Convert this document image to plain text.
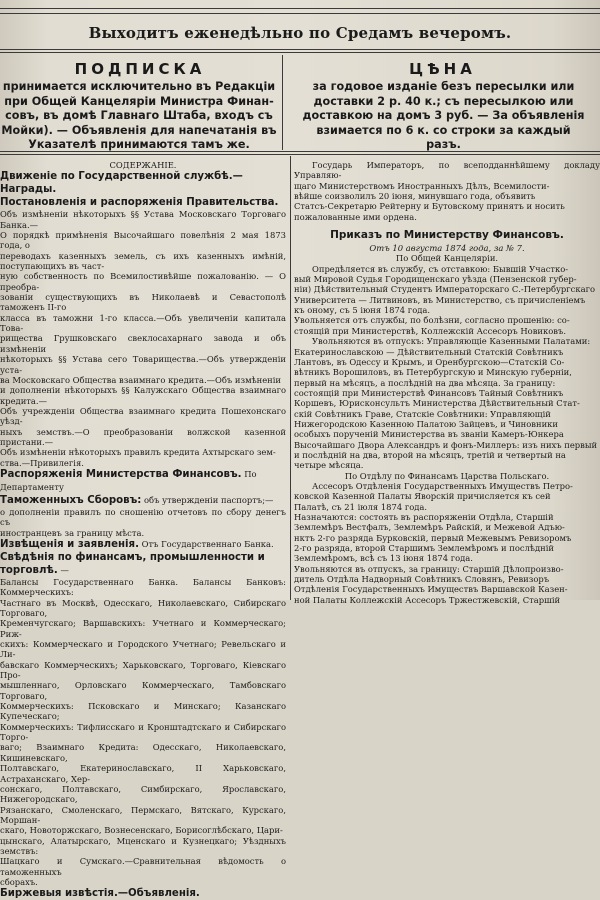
Выходитъ еженедѣльно по Средамъ вечеромъ.
ПОДПИСКА
принимается исключительно въ Редакціи
при Общей Канцеляріи Министра Финан-
совъ, въ домѣ Главнаго Штаба, входъ съ
Мойки). — Объявленія для напечатанія въ
Указателѣ принимаются тамъ же.
ЦѢНА
за годовое изданіе безъ пересылки или
доставки 2 р. 40 к.; съ пересылкою или
доставкою на домъ 3 руб. — За объявленія
взимается по 6 к. со строки за каждый
разъ.

СОДЕРЖАНІЕ.

Движеніе по Государственной службѣ.—Награды.

Постановленія и распоряженія Правительства.

Объ измѣненіи нѣкоторыхъ §§ Устава Московскаго Торговаго Банка.—

О порядкѣ примѣненія Высочайшаго повелѣнія 2 мая 1873 года, о

переводахъ казенныхъ земель, съ ихъ казенныхъ имѣній, поступающихъ въ част-

ную собственность по Всемилостивѣйше пожалованію. — О преобра-

зованіи существующихъ въ Николаевѣ и Севастополѣ таможенъ II-го

класса въ таможни 1-го класса.—Объ увеличеніи капитала Това-

рищества Грушковскаго свеклосахарнаго завода и объ измѣненіи

нѣкоторыхъ §§ Устава сего Товарищества.—Объ утвержденіи уста-

ва Московскаго Общества взаимнаго кредита.—Объ измѣненіи

и дополненіи нѣкоторыхъ §§ Калужскаго Общества взаимнаго кредита.—

Объ учрежденіи Общества взаимнаго кредита Пошехонскаго уѣзд-

ныхъ земствъ.—О преобразованіи волжской казенной пристани.—

Объ измѣненіи нѣкоторыхъ правилъ кредита Ахтырскаго зем-

ства.—Привилегія.

Распоряженія Министерства Финансовъ. По Департаменту

Таможенныхъ Сборовъ: объ утвержденіи паспортъ;—

о дополненіи правилъ по сношенію отчетовъ по сбору денегъ съ

иностранцевъ за границу мѣста.

Извѣщенія и заявленія. Отъ Государственнаго Банка.

Свѣдѣнія по финансамъ, промышленности и торговлѣ. —

Балансы Государственнаго Банка. Балансы Банковъ: Коммерческихъ:

Частнаго въ Москвѣ, Одесскаго, Николаевскаго, Сибирскаго Торговаго,

Кременчугскаго; Варшавскихъ: Учетнаго и Коммерческаго; Риж-

скихъ: Коммерческаго и Городского Учетнаго; Ревельскаго и Ли-

бавскаго Коммерческихъ; Харьковскаго, Торговаго, Кіевскаго Про-

мышленнаго, Орловскаго Коммерческаго, Тамбовскаго Торговаго,

Коммерческихъ: Псковскаго и Минскаго; Казанскаго Купеческаго;

Коммерческихъ: Тифлисскаго и Кронштадтскаго и Сибирскаго Торго-

ваго; Взаимнаго Кредита: Одесскаго, Николаевскаго, Кишиневскаго,

Полтавскаго, Екатеринославскаго, II Харьковскаго, Астраханскаго, Хер-

сонскаго, Полтавскаго, Симбирскаго, Ярославскаго, Нижегородскаго,

Рязанскаго, Смоленскаго, Пермскаго, Вятскаго, Курскаго, Моршан-

скаго, Новоторжскаго, Вознесенскаго, Борисоглѣбскаго, Цари-

цынскаго, Алатырскаго, Мценскаго и Кузнецкаго; Уѣздныхъ земствъ:

Шацкаго и Сумскаго.—Сравнительная вѣдомость о таможенныхъ

сборахъ.

Биржевыя извѣстія.—Объявленія.

Государь Императоръ, по всеподданнѣйшему докладу Управляю-

щаго Министерствомъ Иностранныхъ Дѣлъ, Всемилости-

вѣйше соизволилъ 20 іюня, минувшаго года, объявить

Статсъ-Секретарю Рейтерну и Бутовскому принятъ и носить

пожалованные ими ордена.

Приказъ по Министерству Финансовъ.

Отъ 10 августа 1874 года, за № 7.

По Общей Канцеляріи.

Опредѣляется въ службу, съ отставкою: Бывшій Участко-

вый Мировой Судья Городищенскаго уѣзда (Пензенской губер-

ніи) Дѣйствительный Студентъ Императорскаго С.-Петербургскаго

Университета — Литвиновъ, въ Министерство, съ причисленіемъ

къ оному, съ 5 іюня 1874 года.

Увольняется отъ службы, по болѣзни, согласно прошенію: со-

стоящій при Министерствѣ, Коллежскій Ассесоръ Новиковъ.

Увольняются въ отпускъ: Управляющіе Казенными Палатами:

Екатеринославскою — Дѣйствительный Статскій Совѣтникъ

Лантовъ, въ Одессу и Крымъ, и Оренбургскою—Статскій Со-

вѣтникъ Ворошиловъ, въ Петербургскую и Минскую губерніи,

первый на мѣсяцъ, а послѣдній на два мѣсяца. За границу:

состоящій при Министерствѣ Финансовъ Тайный Совѣтникъ

Коршевъ, Юрисконсультъ Министерства Дѣйствительный Стат-

скій Совѣтникъ Граве, Статскіе Совѣтники: Управляющій

Нижегородскою Казенною Палатою Зайцевъ, и Чиновники

особыхъ порученій Министерства въ званіи Камеръ-Юнкера

Высочайшаго Двора Александръ и фонъ-Миллеръ: изъ нихъ первый

и послѣдній на два, второй на мѣсяцъ, третій и четвертый на

четыре мѣсяца.

По Отдѣлу по Финансамъ Царства Польскаго.

Ассесоръ Отдѣленія Государственныхъ Имуществъ Петро-

ковской Казенной Палаты Яворскій причисляется къ сей

Палатѣ, съ 21 іюля 1874 года.

Назначаются: состоять въ распоряженіи Отдѣла, Старшій

Землемѣръ Вестфалъ, Землемѣръ Райскій, и Межевой Адъю-

нктъ 2-го разряда Бурковскій, первый Межевымъ Ревизоромъ

2-го разряда, второй Старшимъ Землемѣромъ и послѣдній

Землемѣромъ, всѣ съ 13 іюня 1874 года.

Увольняются въ отпускъ, за границу: Старшій Дѣлопроизво-

дитель Отдѣла Надворный Совѣтникъ Словянъ, Ревизоръ

Отдѣленія Государственныхъ Имуществъ Варшавской Казен-

ной Палаты Коллежскій Ассесоръ Тржестжевскій, Старшій
